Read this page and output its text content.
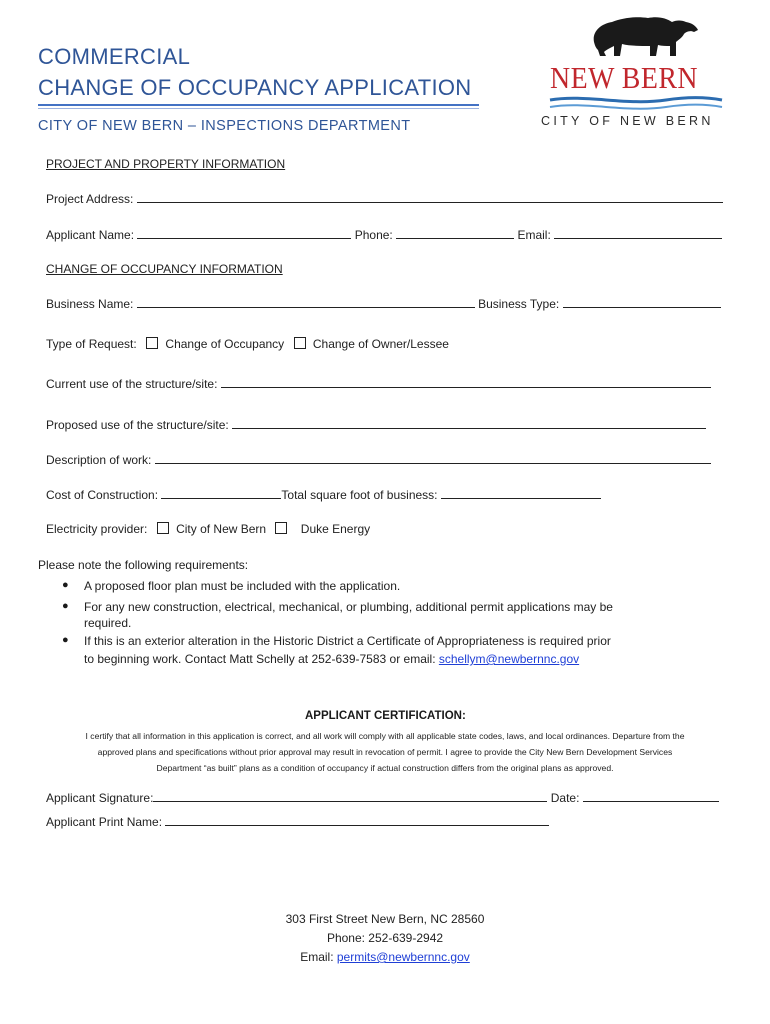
COMMERCIAL
CHANGE OF OCCUPANCY APPLICATION
CITY OF NEW BERN – INSPECTIONS DEPARTMENT
NEW BERN
CITY OF NEW BERN
PROJECT AND PROPERTY INFORMATION
Project Address:
Applicant Name:	Phone:	Email:
CHANGE OF OCCUPANCY INFORMATION
Business Name:	Business Type:
Type of Request: Change of Occupancy Change of Owner/Lessee
Current use of the structure/site:
Proposed use of the structure/site:
Description of work:
Cost of Construction:	Total square foot of business:
Electricity provider: City of New Bern	Duke Energy
Please note the following requirements:
● A proposed floor plan must be included with the application.
● For any new construction, electrical, mechanical, or plumbing, additional permit applications may be
required.
● If this is an exterior alteration in the Historic District a Certificate of Appropriateness is required prior
to beginning work. Contact Matt Schelly at 252-639-7583 or email: schellym@newbernnc.gov
APPLICANT CERTIFICATION:
I certify that all information in this application is correct, and all work will comply with all applicable state codes, laws, and local ordinances. Departure from the
approved plans and specifications without prior approval may result in revocation of permit. I agree to provide the City New Bern Development Services
Department “as built” plans as a condition of occupancy if actual construction differs from the original plans as approved.
Applicant Signature:	Date:
Applicant Print Name:
303 First Street New Bern, NC 28560
Phone: 252-639-2942
Email: permits@newbernnc.gov
